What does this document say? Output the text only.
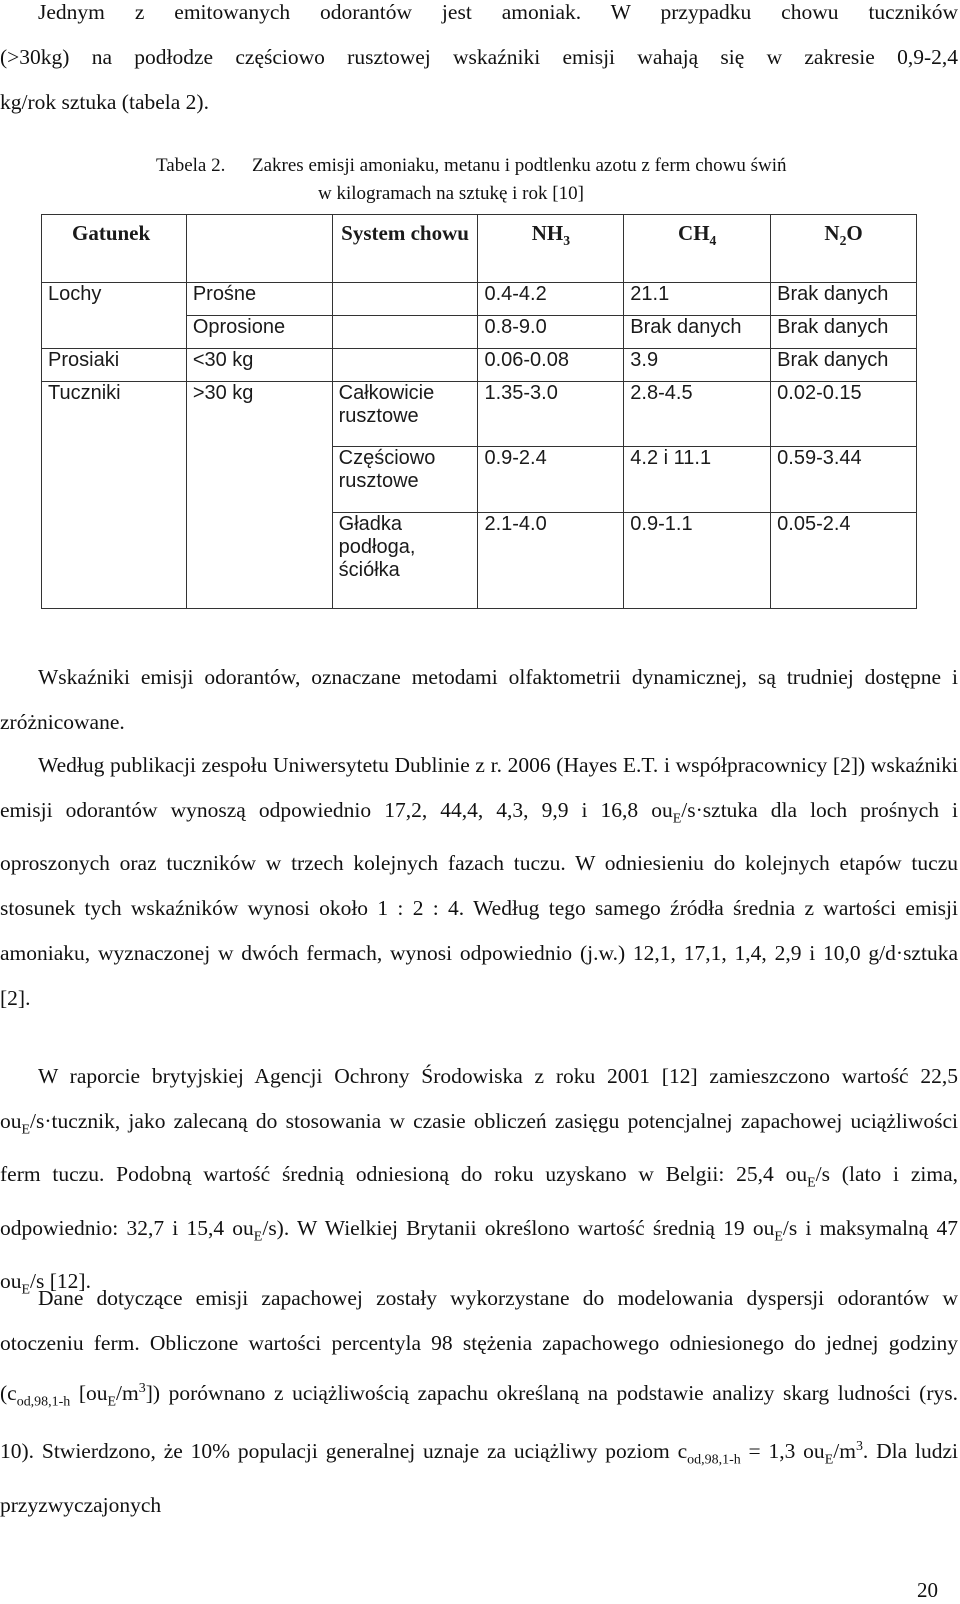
Jednym z emitowanych odorantów jest amoniak. W przypadku chowu tuczników
(>30kg) na podłodze częściowo rusztowej wskaźniki emisji wahają się w zakresie 0,9-2,4
kg/rok sztuka (tabela 2).
Tabela 2. Zakres emisji amoniaku, metanu i podtlenku azotu z ferm chowu świń
w kilogramach na sztukę i rok [10]
Gatunek		System chowu	$NH_3$	$CH_4$	$N_2O$
Lochy	Prośne		0.4-4.2	21.1	Brak danych
	Oprosione		0.8-9.0	Brak danych	Brak danych
Prosiaki	<30 kg		0.06-0.08	3.9	Brak danych
Tuczniki	>30 kg	Całkowicie rusztowe	1.35-3.0	2.8-4.5	0.02-0.15
		Częściowo rusztowe	0.9-2.4	4.2 i 11.1	0.59-3.44
		Gładka podłoga, ściółka	2.1-4.0	0.9-1.1	0.05-2.4

Wskaźniki emisji odorantów, oznaczane metodami olfaktometrii dynamicznej, są trudniej dostępne i zróżnicowane.

Według publikacji zespołu Uniwersytetu Dublinie z r. 2006 (Hayes E.T. i współpracownicy [2]) wskaźniki emisji odorantów wynoszą odpowiednio 17,2, 44,4, 4,3, 9,9 i 16,8 $ou_E/s\cdot sztuka$ dla loch prośnych i oproszonych oraz tuczników w trzech kolejnych fazach tuczu. W odniesieniu do kolejnych etapów tuczu stosunek tych wskaźników wynosi około 1 : 2 : 4. Według tego samego źródła średnia z wartości emisji amoniaku, wyznaczonej w dwóch fermach, wynosi odpowiednio (j.w.) 12,1, 17,1, 1,4, 2,9 i 10,0 g/d·sztuka [2].

W raporcie brytyjskiej Agencji Ochrony Środowiska z roku 2001 [12] zamieszczono wartość 22,5 $ou_E/s\cdot tucznik$, jako zalecaną do stosowania w czasie obliczeń zasięgu potencjalnej zapachowej uciążliwości ferm tuczu. Podobną wartość średnią odniesioną do roku uzyskano w Belgii: 25,4 $ou_E/s$ (lato i zima, odpowiednio: 32,7 i 15,4 $ou_E/s$). W Wielkiej Brytanii określono wartość średnią 19 $ou_E/s$ i maksymalną 47 $ou_E/s$ [12].

Dane dotyczące emisji zapachowej zostały wykorzystane do modelowania dyspersji odorantów w otoczeniu ferm. Obliczone wartości percentyla 98 stężenia zapachowego odniesionego do jednej godziny ($c_{od,98,1-h}$ $[ou_E/m^3]$) porównano z uciążliwością zapachu określaną na podstawie analizy skarg ludności (rys. 10). Stwierdzono, że 10% populacji generalnej uznaje za uciążliwy poziom $c_{od,98,1-h} = 1,3$ $ou_E/m^3$. Dla ludzi przyzwyczajonych

20
